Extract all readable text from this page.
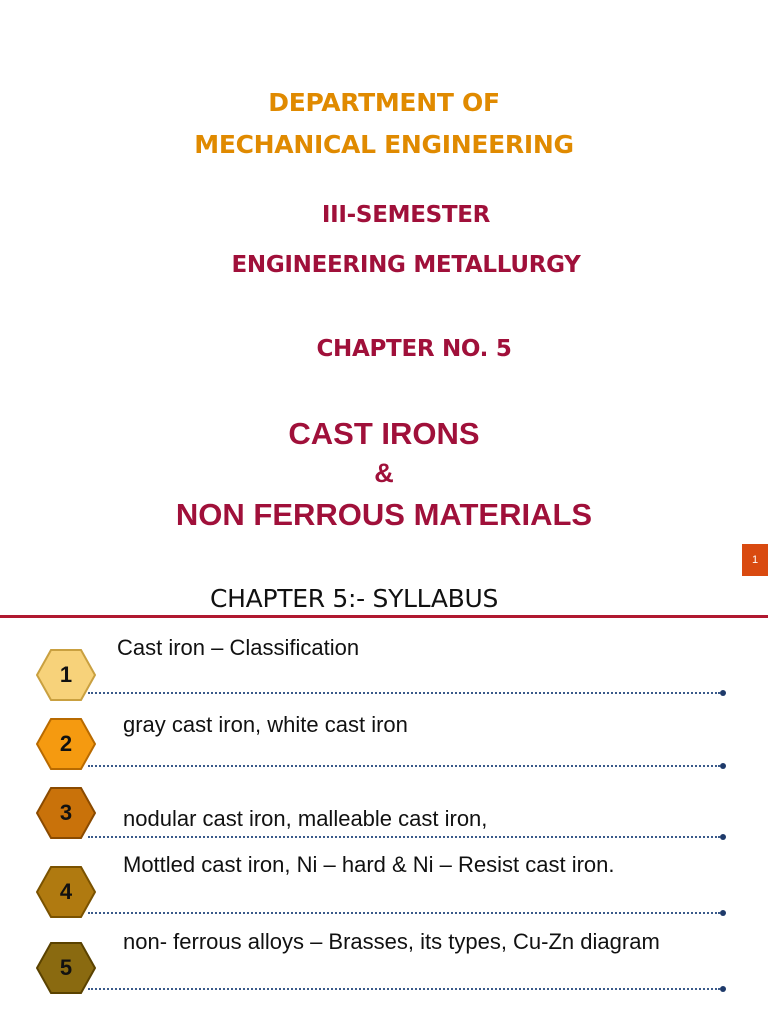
DEPARTMENT OF
MECHANICAL ENGINEERING
III-SEMESTER
ENGINEERING METALLURGY
CHAPTER NO. 5
CAST IRONS
&
NON FERROUS MATERIALS
1
CHAPTER 5:- SYLLABUS
1
Cast iron – Classification
2
gray cast iron, white cast iron
3	nodular cast iron, malleable cast iron,
4
Mottled cast iron, Ni – hard & Ni – Resist cast iron.
5
non- ferrous alloys – Brasses, its types, Cu-Zn diagram
